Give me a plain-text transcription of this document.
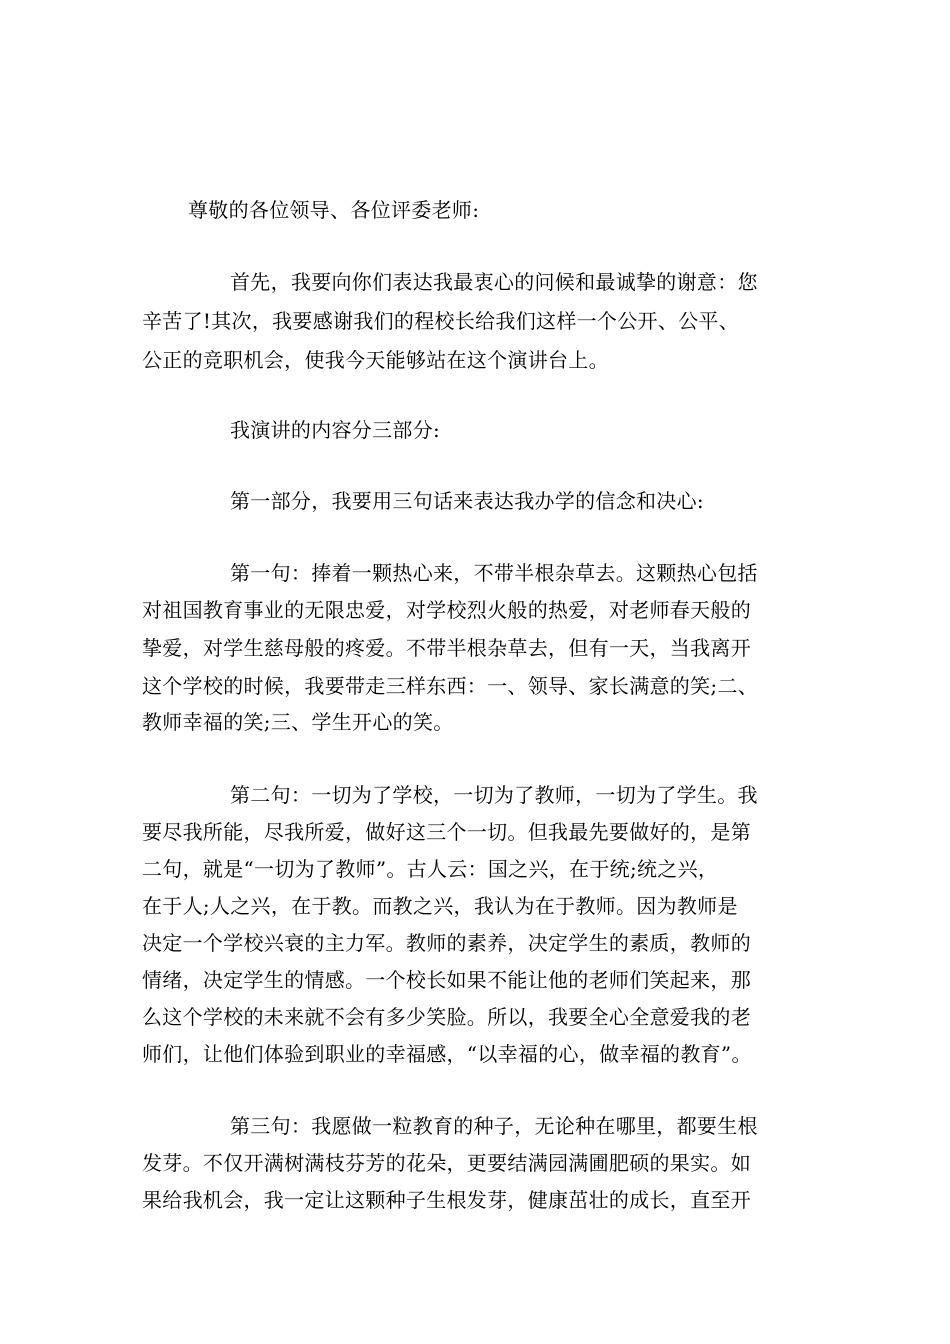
尊敬的各位领导、各位评委老师:
首先，我要向你们表达我最衷心的问候和最诚挚的谢意：您
辛苦了!其次，我要感谢我们的程校长给我们这样一个公开、公平、
公正的竞职机会，使我今天能够站在这个演讲台上。
我演讲的内容分三部分:
第一部分，我要用三句话来表达我办学的信念和决心:
第一句：捧着一颗热心来，不带半根杂草去。这颗热心包括
对祖国教育事业的无限忠爱，对学校烈火般的热爱，对老师春天般的
挚爱，对学生慈母般的疼爱。不带半根杂草去，但有一天，当我离开
这个学校的时候，我要带走三样东西：一、领导、家长满意的笑;二、
教师幸福的笑;三、学生开心的笑。
第二句：一切为了学校，一切为了教师，一切为了学生。我
要尽我所能，尽我所爱，做好这三个一切。但我最先要做好的，是第
二句，就是“一切为了教师”。古人云：国之兴，在于统;统之兴，
在于人;人之兴，在于教。而教之兴，我认为在于教师。因为教师是
决定一个学校兴衰的主力军。教师的素养，决定学生的素质，教师的
情绪，决定学生的情感。一个校长如果不能让他的老师们笑起来，那
么这个学校的未来就不会有多少笑脸。所以，我要全心全意爱我的老
师们，让他们体验到职业的幸福感，“以幸福的心，做幸福的教育”。
第三句：我愿做一粒教育的种子，无论种在哪里，都要生根
发芽。不仅开满树满枝芬芳的花朵，更要结满园满圃肥硕的果实。如
果给我机会，我一定让这颗种子生根发芽，健康茁壮的成长，直至开
